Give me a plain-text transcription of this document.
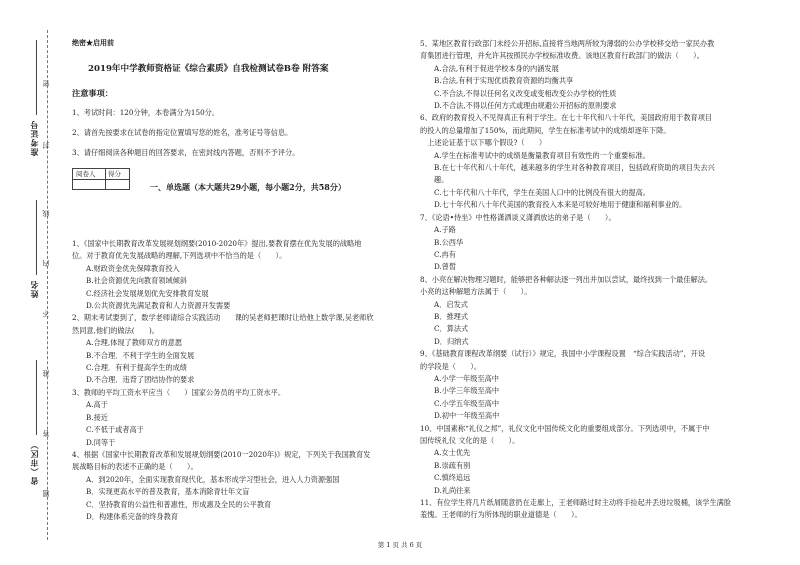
准考证号
姓名
省（市区）
密
封
线
内
不
准
答
题
绝密★启用前
2019年中学教师资格证《综合素质》自我检测试卷B卷 附答案
注意事项：
1、考试时间：120分钟，本卷满分为150分。
2、请首先按要求在试卷的指定位置填写您的姓名，准考证号等信息。
3、请仔细阅读各种题目的回答要求，在密封线内答题，否则不予评分。
阅卷人 得分
一、单选题（本大题共29小题，每小题2分，共58分）
1、《国家中长期教育改革发展规划纲要(2010-2020年》提出,要教育摆在优先发展的战略地
位。对于教育优先发展战略的理解,下列选项中不恰当的是（　　）。
A.财政资金优先保障教育投入
B.社会资源优先向教育领域倾斜
C.经济社会发展规划优先安排教育发展
D.公共资源优先满足教育和人力资源开发需要
2、期末考试要到了，数学老师请综合实践活动　　课的吴老师把课时让给他上数学课,吴老师欣
然同意,他们的做法(　　)。
A.合理,体现了教师双方的意愿
B.不合理．不利于学生的全面发展
C.合理．有利于提高学生的成绩
D.不合理．违背了团结协作的要求
3、教师的平均工资水平应当（　　）国家公务员的平均工资水平。
A.高于
B.接近
C.不低于或者高于
D.同等于
4、根据《国家中长期教育改革和发展规划纲要(2010一2020年)》规定，下列关于我国教育发
展战略目标的表述不正确的是（　　）。
A．到2020年，全面实现教育现代化，基本形成学习型社会，进入人力资源强国
B．实现更高水平的普及教育，基本消除青壮年文盲
C．坚持教育的公益性和普惠性，形成惠及全民的公平教育
D．构建体系完备的终身教育
5、某地区教育行政部门未经公开招标,直接将当地两所较为薄弱的公办学校移交给一家民办教
育集团进行管理，并允许其按照民办学校标准收费。该地区教育行政部门的做法（　　）。
A.合法,有利于促进学校本身的内涵发展
B.合法,有利于实现优质教育资源的均衡共享
C.不合法,不得以任何名义改变或变相改变公办学校的性质
D.不合法,不得以任何方式或理由规避公开招标的原则要求
6、政府的教育投入不见得真正有利于学生。在七十年代和八十年代，美国政府用于教育项目
的投入的总量增加了150%，而此期间，学生在标准考试中的成绩却逐年下降。
　上述论证基于以下哪个假设?（　　）
A.学生在标准考试中的成绩是衡量教育项目有效性的一个重要标准。
B.在七十年代和八十年代，越来越多的学生对各种教育项目，包括政府资助的项目失去兴
趣。
C.七十年代和八十年代，学生在美国人口中的比例没有很大的提高。
D.七十年代和八十年代美国的教育投入本来是可较好地用于健康和福利事业的。
7、《论语•侍坐》中性格潇洒谈义潇洒放达的弟子是（　　）。
A.子路
B.公西华
C.冉有
D.曾皙
8、小亮在解决物理习题时，能够把各种解法逐一列出并加以尝试，最终找到一个最佳解法。
小亮的这种解题方法属于（　　）。
A．启发式
B．推理式
C．算法式
D．归纳式
9、《基础教育课程改革纲要（试行）》规定，我国中小学课程设置　“综合实践活动”，开设
的学段是（　　）。
A.小学一年级至高中
B.小学三年级至高中
C.小学五年级至高中
D.初中一年级至高中
10、中国素称“礼仪之邦”，礼仪文化中国传统文化的重要组成部分。下列选项中，不属于中
国传统礼仪 文化的是（　　）。
A.女士优先
B.崇疏有别
C.慎终追远
D.礼尚往来
11、有位学生将几片纸屑随意扔在走廊上，王老师路过时主动将手捡起并丢进垃圾桶，该学生满脸
羞愧。王老师的行为所体现的职业道德是（　　）。
第 1 页 共 6 页
